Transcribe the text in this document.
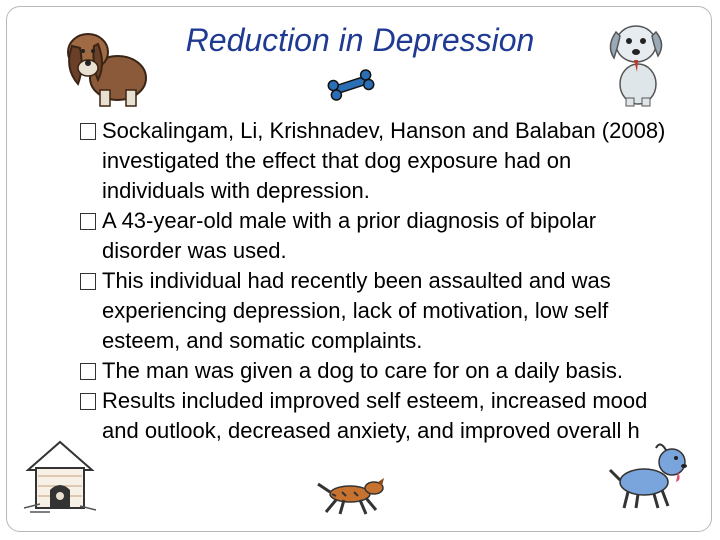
Reduction in Depression
Sockalingam, Li, Krishnadev, Hanson and Balaban (2008) investigated the effect that dog exposure had on individuals with depression.
A 43-year-old male with a prior diagnosis of bipolar disorder was used.
This individual had recently been assaulted and was experiencing depression, lack of motivation, low self esteem, and somatic complaints.
The man was given a dog to care for on a daily basis.
Results included improved self esteem, increased mood and outlook, decreased anxiety, and improved overall h
